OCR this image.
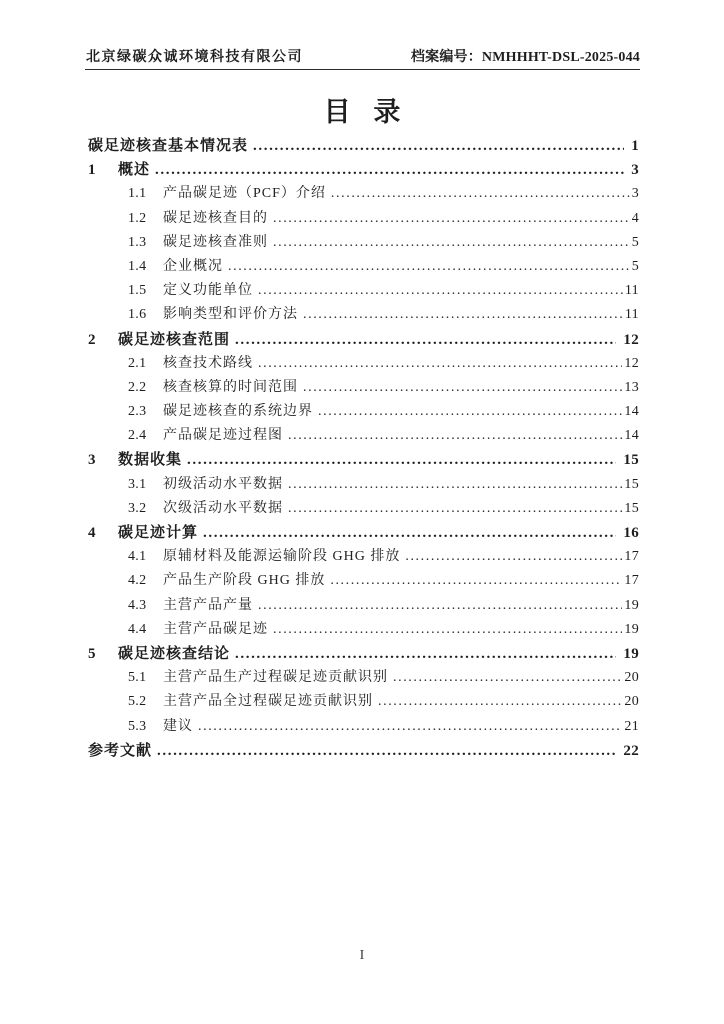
北京绿碳众诚环境科技有限公司	档案编号：NMHHHT-DSL-2025-044
目 录
碳足迹核查基本情况表 .....	1
1	概述 .....	3
1.1	产品碳足迹（PCF）介绍 .....	3
1.2	碳足迹核查目的 .....	4
1.3	碳足迹核查准则 .....	5
1.4	企业概况 .....	5
1.5	定义功能单位 .....	11
1.6	影响类型和评价方法 .....	11
2	碳足迹核查范围 .....	12
2.1	核查技术路线 .....	12
2.2	核查核算的时间范围 .....	13
2.3	碳足迹核查的系统边界 .....	14
2.4	产品碳足迹过程图 .....	14
3	数据收集 .....	15
3.1	初级活动水平数据 .....	15
3.2	次级活动水平数据 .....	15
4	碳足迹计算 .....	16
4.1	原辅材料及能源运输阶段 GHG 排放 .....	17
4.2	产品生产阶段 GHG 排放 .....	17
4.3	主营产品产量 .....	19
4.4	主营产品碳足迹 .....	19
5	碳足迹核查结论 .....	19
5.1	主营产品生产过程碳足迹贡献识别 .....	20
5.2	主营产品全过程碳足迹贡献识别 .....	20
5.3	建议 .....	21
参考文献 .....	22
I
